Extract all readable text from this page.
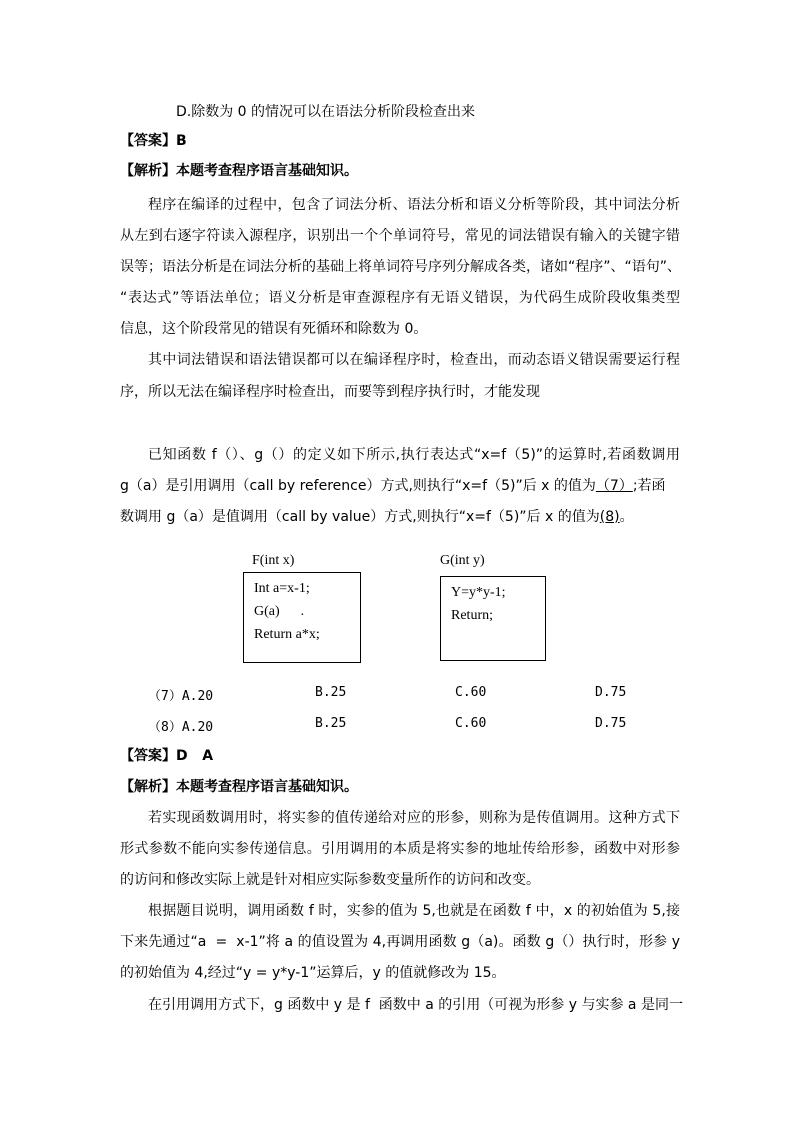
D.除数为 0 的情况可以在语法分析阶段检查出来
【答案】B
【解析】本题考查程序语言基础知识。
程序在编译的过程中，包含了词法分析、语法分析和语义分析等阶段，其中词法分析
从左到右逐字符读入源程序，识别出一个个单词符号，常见的词法错误有输入的关键字错
误等；语法分析是在词法分析的基础上将单词符号序列分解成各类，诸如“程序”、“语句”、
“表达式”等语法单位；语义分析是审查源程序有无语义错误，为代码生成阶段收集类型
信息，这个阶段常见的错误有死循环和除数为 0。
其中词法错误和语法错误都可以在编译程序时，检查出，而动态语义错误需要运行程
序，所以无法在编译程序时检查出，而要等到程序执行时，才能发现
已知函数 f（）、g（）的定义如下所示,执行表达式“x=f（5)”的运算时,若函数调用
g（a）是引用调用（call by reference）方式,则执行“x=f（5)”后 x 的值为（7）;若函
数调用 g（a）是值调用（call by value）方式,则执行“x=f（5)”后 x 的值为(8)。
F(int x)
Int a=x-1;
G(a)      .
Return a*x;
G(int y)
Y=y*y-1;
Return;
（7）A.20	B.25	C.60	D.75
（8）A.20	B.25	C.60	D.75
【答案】D   A
【解析】本题考查程序语言基础知识。
若实现函数调用时，将实参的值传递给对应的形参，则称为是传值调用。这种方式下
形式参数不能向实参传递信息。引用调用的本质是将实参的地址传给形参，函数中对形参
的访问和修改实际上就是针对相应实际参数变量所作的访问和改变。
根据题目说明，调用函数 f 时，实参的值为 5,也就是在函数 f 中，x 的初始值为 5,接
下来先通过“a  =  x-1”将 a 的值设置为 4,再调用函数 g（a)。函数 g（）执行时，形参 y
的初始值为 4,经过“y = y*y-1”运算后，y 的值就修改为 15。
在引用调用方式下，g 函数中 y 是 f  函数中 a 的引用（可视为形参 y 与实参 a 是同一
